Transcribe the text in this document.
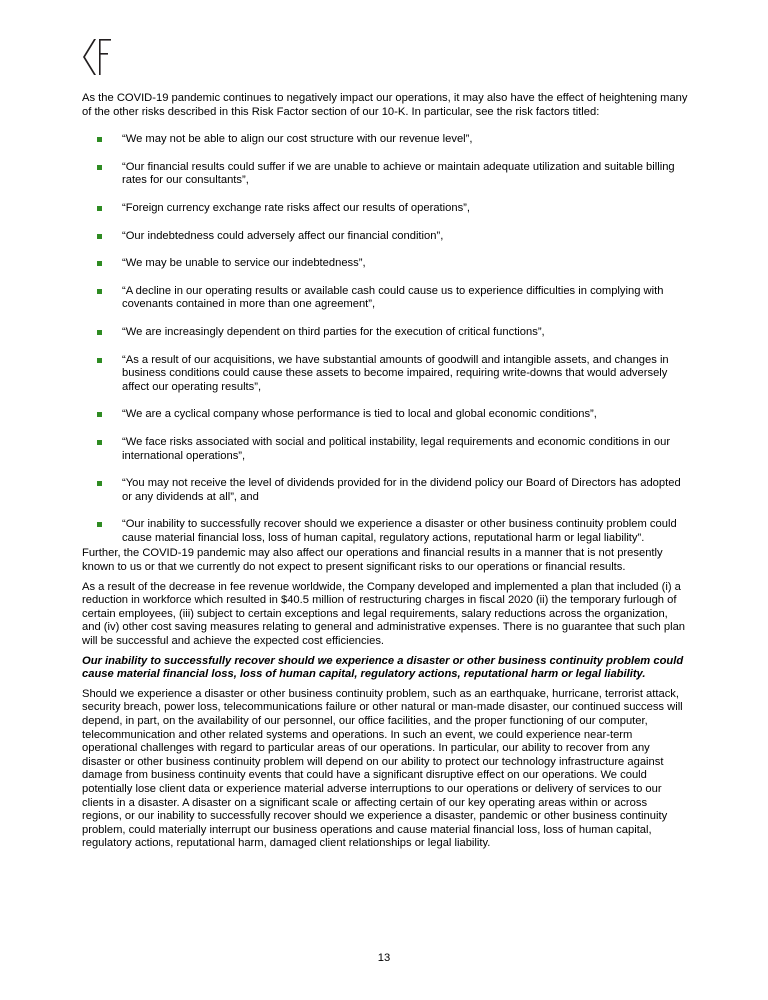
As the COVID-19 pandemic continues to negatively impact our operations, it may also have the effect of heightening many of the other risks described in this Risk Factor section of our 10-K. In particular, see the risk factors titled:

“We may not be able to align our cost structure with our revenue level”,
“Our financial results could suffer if we are unable to achieve or maintain adequate utilization and suitable billing rates for our consultants”,
“Foreign currency exchange rate risks affect our results of operations”,
“Our indebtedness could adversely affect our financial condition”,
“We may be unable to service our indebtedness”,
“A decline in our operating results or available cash could cause us to experience difficulties in complying with covenants contained in more than one agreement”,
“We are increasingly dependent on third parties for the execution of critical functions”,
“As a result of our acquisitions, we have substantial amounts of goodwill and intangible assets, and changes in business conditions could cause these assets to become impaired, requiring write-downs that would adversely affect our operating results”,
“We are a cyclical company whose performance is tied to local and global economic conditions”,
“We face risks associated with social and political instability, legal requirements and economic conditions in our international operations”,
“You may not receive the level of dividends provided for in the dividend policy our Board of Directors has adopted or any dividends at all”, and
“Our inability to successfully recover should we experience a disaster or other business continuity problem could cause material financial loss, loss of human capital, regulatory actions, reputational harm or legal liability”.

Further, the COVID-19 pandemic may also affect our operations and financial results in a manner that is not presently known to us or that we currently do not expect to present significant risks to our operations or financial results.

As a result of the decrease in fee revenue worldwide, the Company developed and implemented a plan that included (i) a reduction in workforce which resulted in $40.5 million of restructuring charges in fiscal 2020 (ii) the temporary furlough of certain employees, (iii) subject to certain exceptions and legal requirements, salary reductions across the organization, and (iv) other cost saving measures relating to general and administrative expenses. There is no guarantee that such plan will be successful and achieve the expected cost efficiencies.

Our inability to successfully recover should we experience a disaster or other business continuity problem could cause material financial loss, loss of human capital, regulatory actions, reputational harm or legal liability.

Should we experience a disaster or other business continuity problem, such as an earthquake, hurricane, terrorist attack, security breach, power loss, telecommunications failure or other natural or man-made disaster, our continued success will depend, in part, on the availability of our personnel, our office facilities, and the proper functioning of our computer, telecommunication and other related systems and operations. In such an event, we could experience near-term operational challenges with regard to particular areas of our operations. In particular, our ability to recover from any disaster or other business continuity problem will depend on our ability to protect our technology infrastructure against damage from business continuity events that could have a significant disruptive effect on our operations. We could potentially lose client data or experience material adverse interruptions to our operations or delivery of services to our clients in a disaster. A disaster on a significant scale or affecting certain of our key operating areas within or across regions, or our inability to successfully recover should we experience a disaster, pandemic or other business continuity problem, could materially interrupt our business operations and cause material financial loss, loss of human capital, regulatory actions, reputational harm, damaged client relationships or legal liability.

13
